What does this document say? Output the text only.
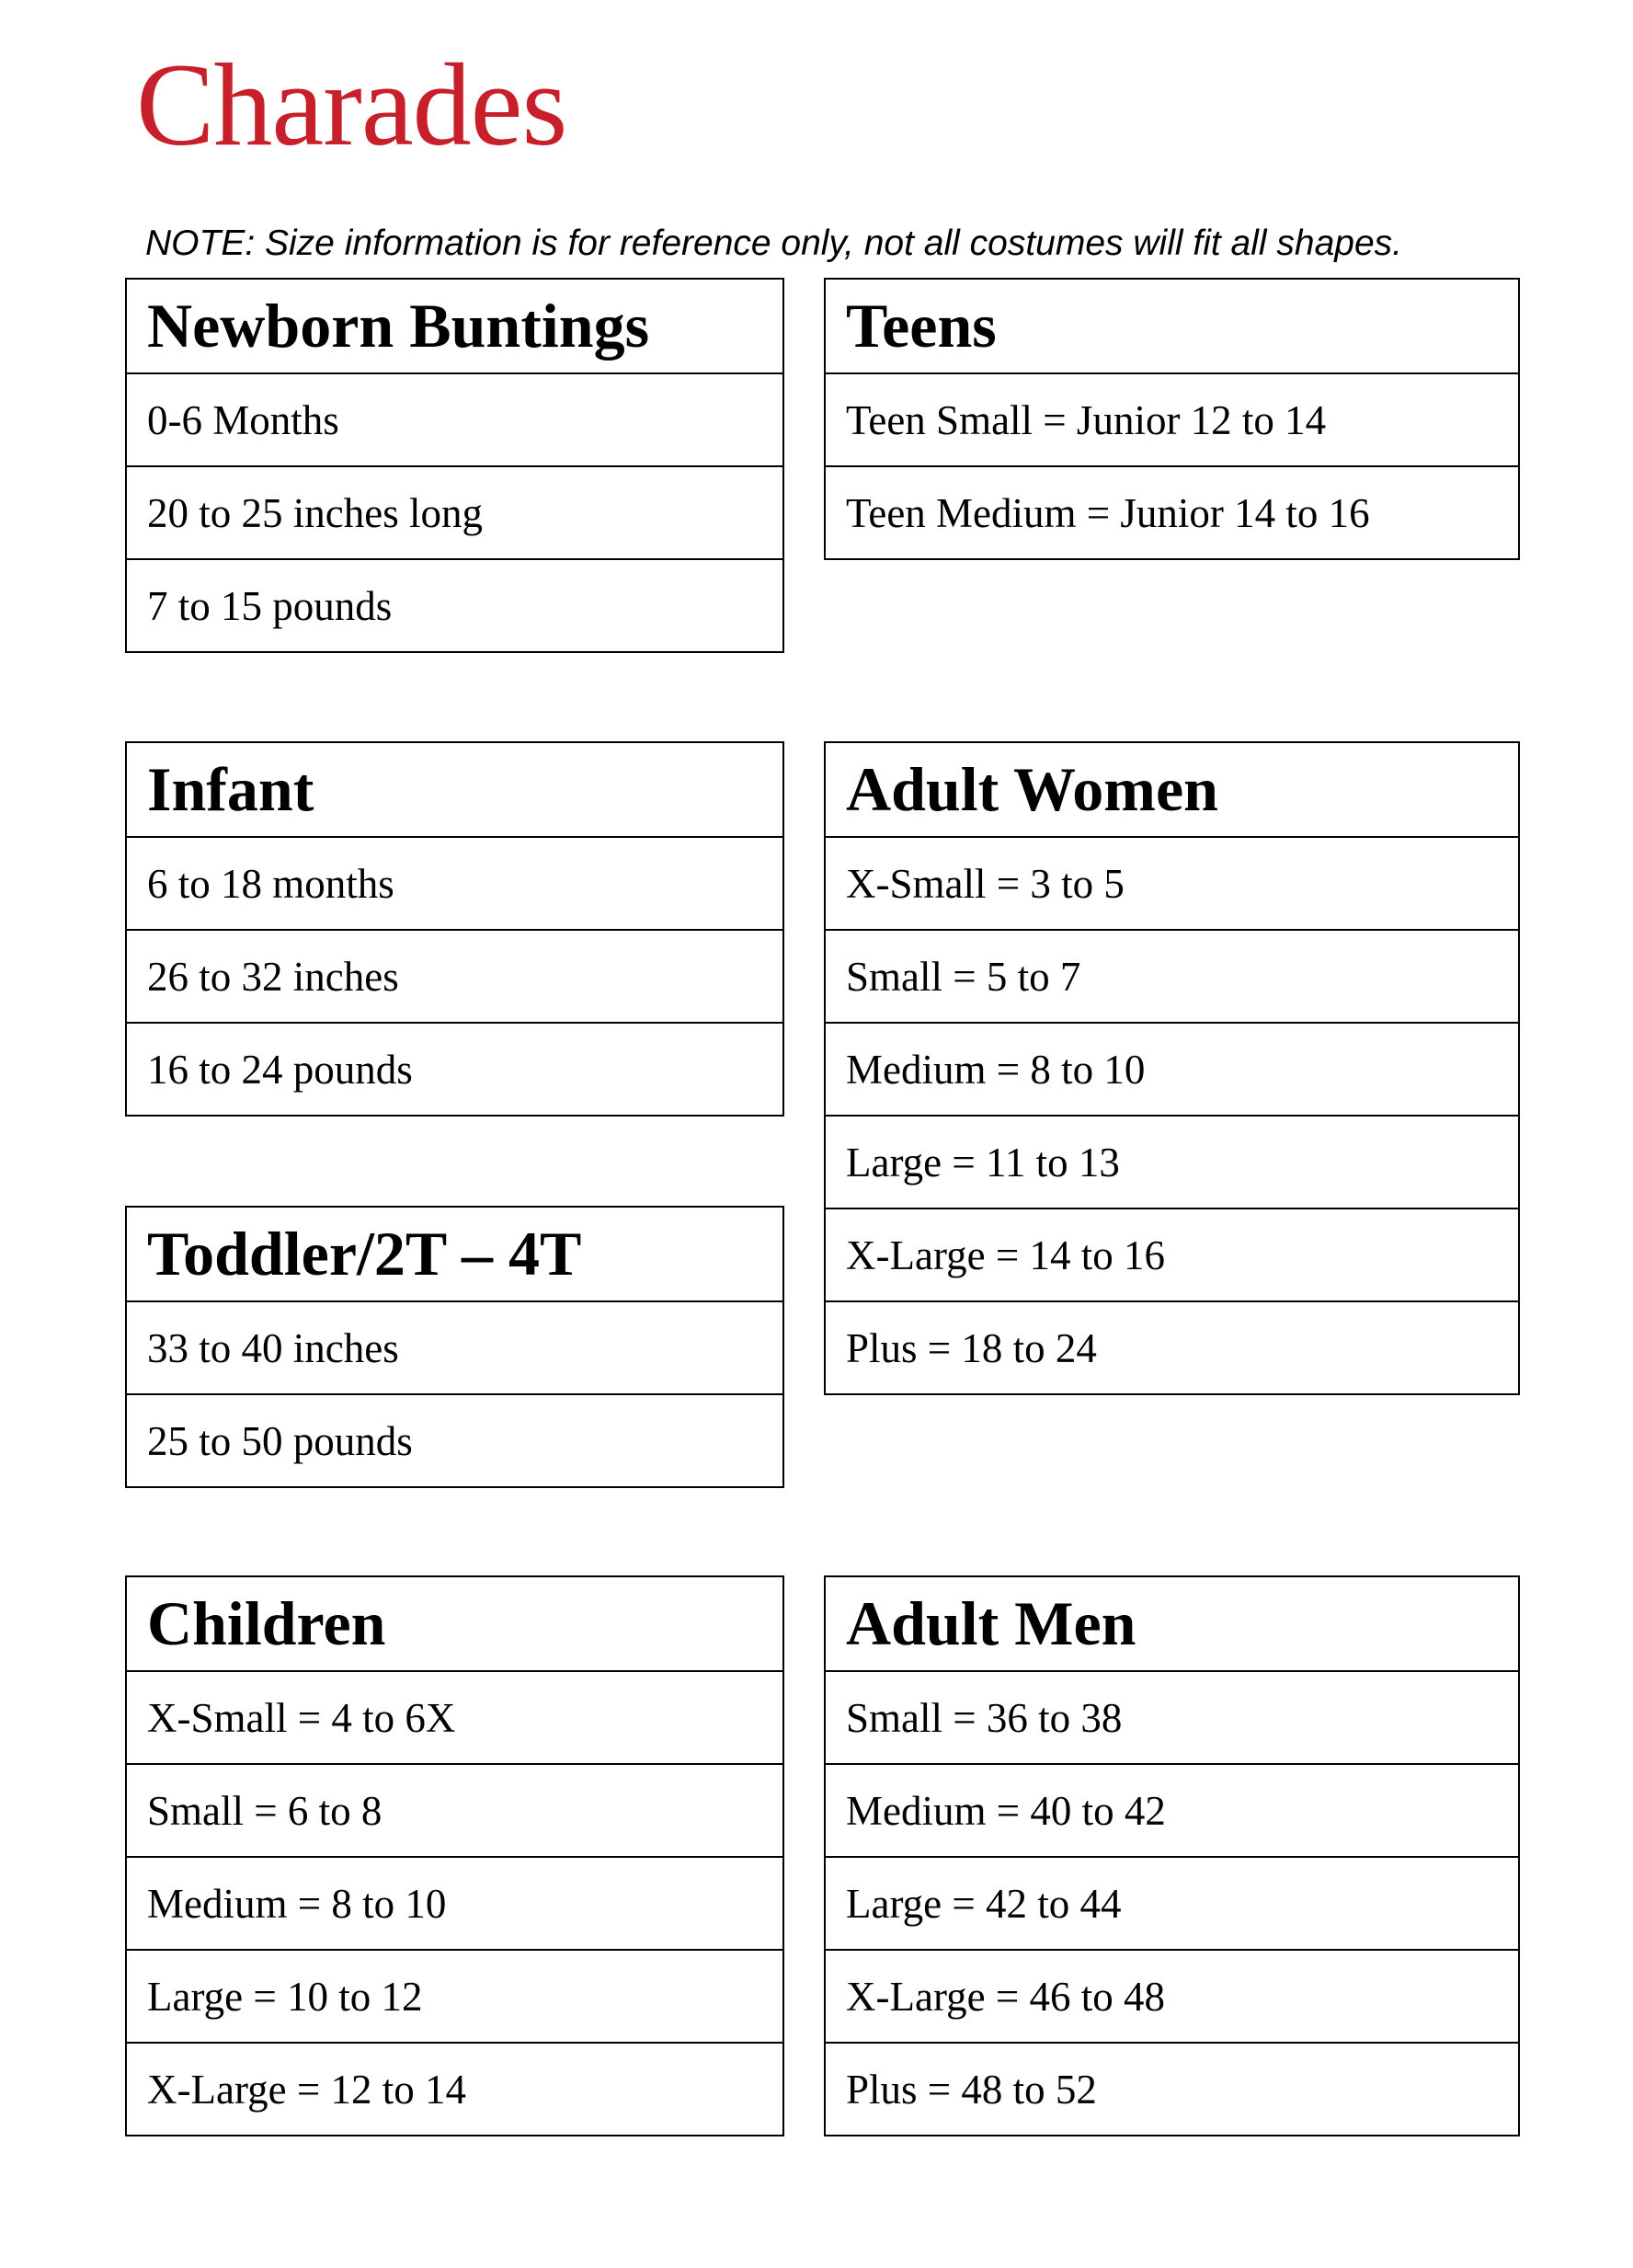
Charades
NOTE: Size information is for reference only, not all costumes will fit all shapes.
Newborn Buntings
0-6 Months
20 to 25 inches long
7 to 15 pounds
Teens
Teen Small = Junior 12 to 14
Teen Medium = Junior 14 to 16
Infant
6 to 18 months
26 to 32 inches
16 to 24 pounds
Adult Women
X-Small = 3 to 5
Small = 5 to 7
Medium = 8 to 10
Large = 11 to 13
X-Large = 14 to 16
Plus = 18 to 24
Toddler/2T – 4T
33 to 40 inches
25 to 50 pounds
Children
X-Small = 4 to 6X
Small = 6 to 8
Medium = 8 to 10
Large = 10 to 12
X-Large = 12 to 14
Adult Men
Small = 36 to 38
Medium = 40 to 42
Large = 42 to 44
X-Large = 46 to 48
Plus = 48 to 52
